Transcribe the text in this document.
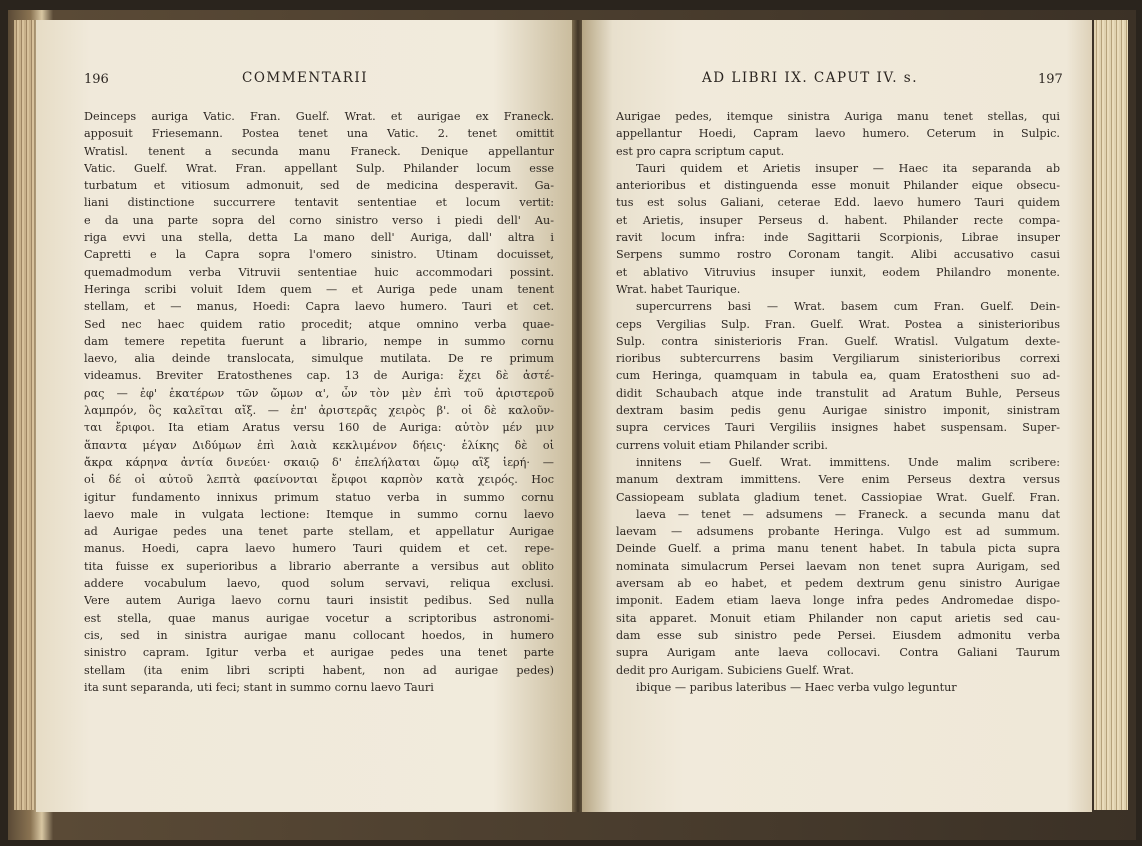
196	COMMENTARII
Deinceps auriga Vatic. Fran. Guelf. Wrat. et aurigae ex Franeck.
apposuit Friesemann. Postea tenet una Vatic. 2. tenet omittit
Wratisl. tenent a secunda manu Franeck. Denique appellantur
Vatic. Guelf. Wrat. Fran. appellant Sulp. Philander locum esse
turbatum et vitiosum admonuit, sed de medicina desperavit. Ga-
liani distinctione succurrere tentavit sententiae et locum vertit:
e da una parte sopra del corno sinistro verso i piedi dell' Au-
riga evvi una stella, detta La mano dell' Auriga, dall' altra i
Capretti e la Capra sopra l'omero sinistro. Utinam docuisset,
quemadmodum verba Vitruvii sententiae huic accommodari possint.
Heringa scribi voluit Idem quem — et Auriga pede unam tenent
stellam, et — manus, Hoedi: Capra laevo humero. Tauri et cet.
Sed nec haec quidem ratio procedit; atque omnino verba quae-
dam temere repetita fuerunt a librario, nempe in summo cornu
laevo, alia deinde translocata, simulque mutilata. De re primum
videamus. Breviter Eratosthenes cap. 13 de Auriga: ἔχει δὲ ἀστέ-
ρας — ἐφ' ἑκατέρων τῶν ὤμων α', ὧν τὸν μὲν ἐπὶ τοῦ ἀριστεροῦ
λαμπρόν, ὃς καλεῖται αἴξ. — ἐπ' ἀριστερᾶς χειρὸς β'. οἱ δὲ καλοῦν-
ται ἔριφοι. Ita etiam Aratus versu 160 de Auriga: αὐτὸν μέν μιν
ἅπαντα μέγαν Διδύμων ἐπὶ λαιὰ κεκλιμένον δήεις· ἑλίκης δὲ οἱ
ἄκρα κάρηνα ἀντία δινεύει· σκαιῷ δ' ἐπελήλαται ὤμῳ αἲξ ἱερή· —
οἱ δέ οἱ αὐτοῦ λεπτὰ φαείνονται ἔριφοι καρπὸν κατὰ χειρός. Hoc
igitur fundamento innixus primum statuo verba in summo cornu
laevo male in vulgata lectione: Itemque in summo cornu laevo
ad Aurigae pedes una tenet parte stellam, et appellatur Aurigae
manus. Hoedi, capra laevo humero Tauri quidem et cet. repe-
tita fuisse ex superioribus a librario aberrante a versibus aut oblito
addere vocabulum laevo, quod solum servavi, reliqua exclusi.
Vere autem Auriga laevo cornu tauri insistit pedibus. Sed nulla
est stella, quae manus aurigae vocetur a scriptoribus astronomi-
cis, sed in sinistra aurigae manu collocant hoedos, in humero
sinistro capram. Igitur verba et aurigae pedes una tenet parte
stellam (ita enim libri scripti habent, non ad aurigae pedes)
ita sunt separanda, uti feci; stant in summo cornu laevo Tauri
AD LIBRI IX. CAPUT IV. s.	197
Aurigae pedes, itemque sinistra Auriga manu tenet stellas, qui
appellantur Hoedi, Capram laevo humero. Ceterum in Sulpic.
est pro capra scriptum caput.
Tauri quidem et Arietis insuper — Haec ita separanda ab
anterioribus et distinguenda esse monuit Philander eique obsecu-
tus est solus Galiani, ceterae Edd. laevo humero Tauri quidem
et Arietis, insuper Perseus d. habent. Philander recte compa-
ravit locum infra: inde Sagittarii Scorpionis, Librae insuper
Serpens summo rostro Coronam tangit. Alibi accusativo casui
et ablativo Vitruvius insuper iunxit, eodem Philandro monente.
Wrat. habet Taurique.
supercurrens basi — Wrat. basem cum Fran. Guelf. Dein-
ceps Vergilias Sulp. Fran. Guelf. Wrat. Postea a sinisterioribus
Sulp. contra sinisterioris Fran. Guelf. Wratisl. Vulgatum dexte-
rioribus subtercurrens basim Vergiliarum sinisterioribus correxi
cum Heringa, quamquam in tabula ea, quam Eratostheni suo ad-
didit Schaubach atque inde transtulit ad Aratum Buhle, Perseus
dextram basim pedis genu Aurigae sinistro imponit, sinistram
supra cervices Tauri Vergiliis insignes habet suspensam. Super-
currens voluit etiam Philander scribi.
innitens — Guelf. Wrat. immittens. Unde malim scribere:
manum dextram immittens. Vere enim Perseus dextra versus
Cassiopeam sublata gladium tenet. Cassiopiae Wrat. Guelf. Fran.
laeva — tenet — adsumens — Franeck. a secunda manu dat
laevam — adsumens probante Heringa. Vulgo est ad summum.
Deinde Guelf. a prima manu tenent habet. In tabula picta supra
nominata simulacrum Persei laevam non tenet supra Aurigam, sed
aversam ab eo habet, et pedem dextrum genu sinistro Aurigae
imponit. Eadem etiam laeva longe infra pedes Andromedae dispo-
sita apparet. Monuit etiam Philander non caput arietis sed cau-
dam esse sub sinistro pede Persei. Eiusdem admonitu verba
supra Aurigam ante laeva collocavi. Contra Galiani Taurum
dedit pro Aurigam. Subiciens Guelf. Wrat.
ibique — paribus lateribus — Haec verba vulgo leguntur
